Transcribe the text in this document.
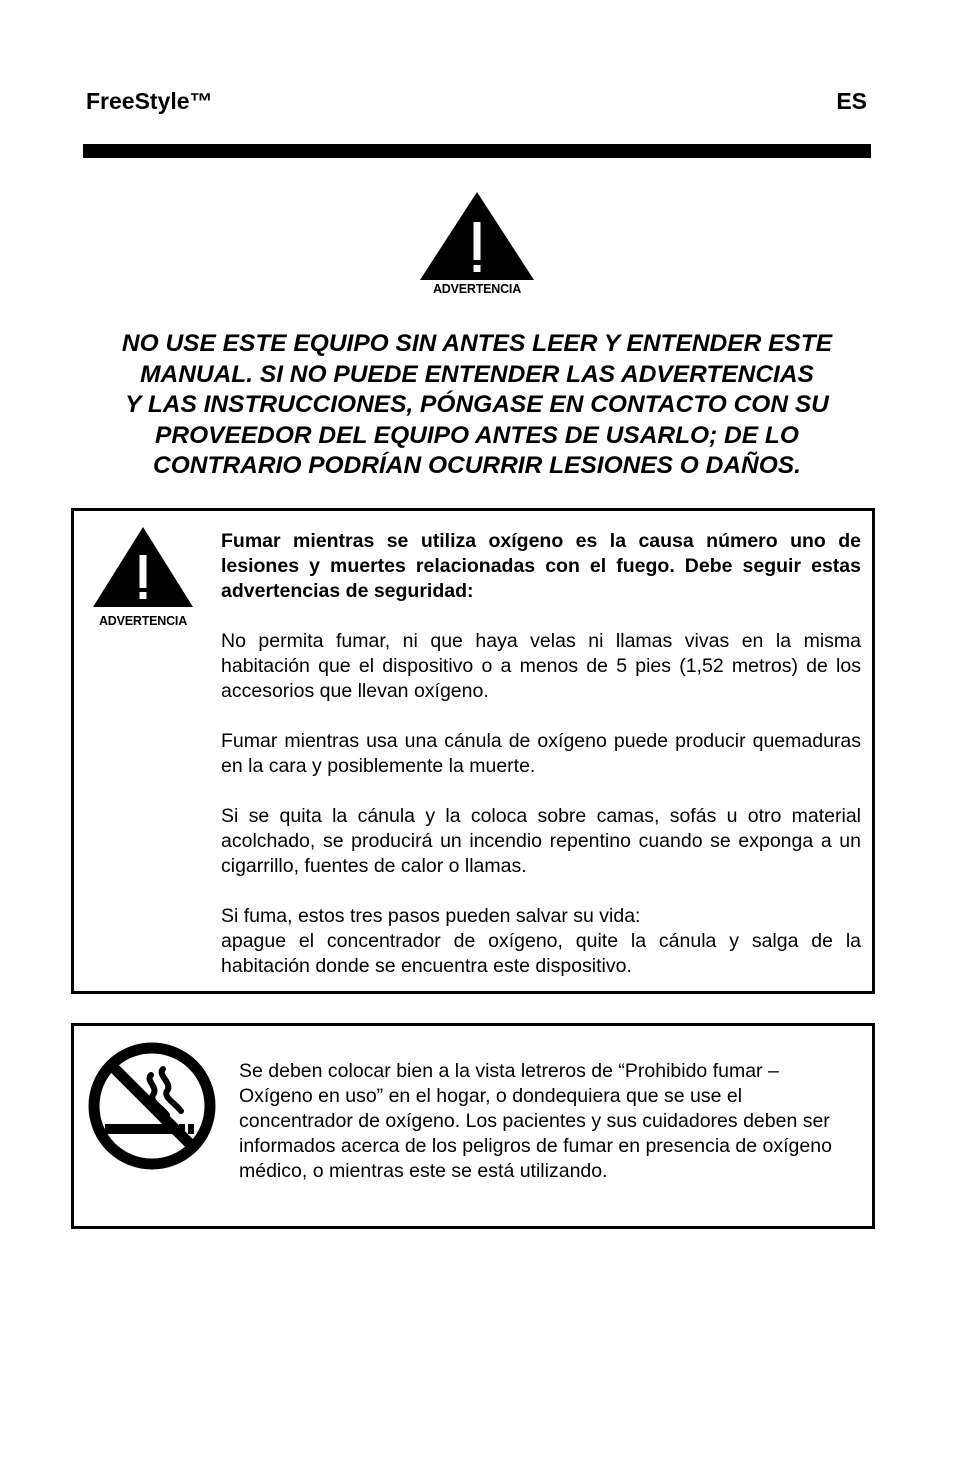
FreeStyle™	ES
ADVERTENCIA
NO USE ESTE EQUIPO SIN ANTES LEER Y ENTENDER ESTE
MANUAL. SI NO PUEDE ENTENDER LAS ADVERTENCIAS
Y LAS INSTRUCCIONES, PÓNGASE EN CONTACTO CON SU
PROVEEDOR DEL EQUIPO ANTES DE USARLO; DE LO
CONTRARIO PODRÍAN OCURRIR LESIONES O DAÑOS.
ADVERTENCIA

Fumar mientras se utiliza oxígeno es la causa número uno de lesiones y muertes relacionadas con el fuego. Debe seguir estas advertencias de seguridad:

No permita fumar, ni que haya velas ni llamas vivas en la misma habitación que el dispositivo o a menos de 5 pies (1,52 metros) de los accesorios que llevan oxígeno.

Fumar mientras usa una cánula de oxígeno puede producir quemaduras en la cara y posiblemente la muerte.

Si se quita la cánula y la coloca sobre camas, sofás u otro material acolchado, se producirá un incendio repentino cuando se exponga a un cigarrillo, fuentes de calor o llamas.

Si fuma, estos tres pasos pueden salvar su vida:
apague el concentrador de oxígeno, quite la cánula y salga de la habitación donde se encuentra este dispositivo.

Se deben colocar bien a la vista letreros de “Prohibido fumar – Oxígeno en uso” en el hogar, o dondequiera que se use el concentrador de oxígeno. Los pacientes y sus cuidadores deben ser informados acerca de los peligros de fumar en presencia de oxígeno médico, o mientras este se está utilizando.
